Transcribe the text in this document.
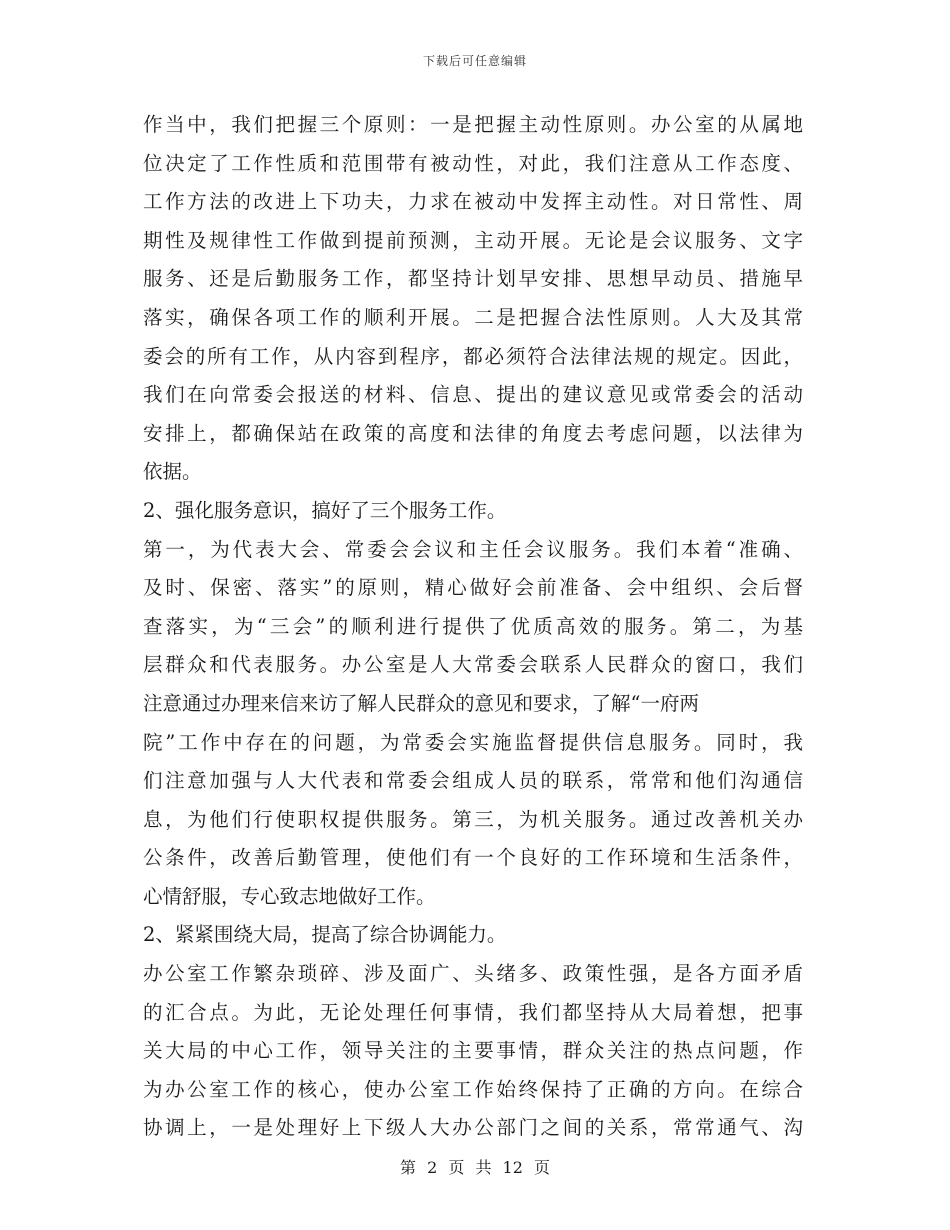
下载后可任意编辑
作当中，我们把握三个原则：一是把握主动性原则。办公室的从属地
位决定了工作性质和范围带有被动性，对此，我们注意从工作态度、
工作方法的改进上下功夫，力求在被动中发挥主动性。对日常性、周
期性及规律性工作做到提前预测，主动开展。无论是会议服务、文字
服务、还是后勤服务工作，都坚持计划早安排、思想早动员、措施早
落实，确保各项工作的顺利开展。二是把握合法性原则。人大及其常
委会的所有工作，从内容到程序，都必须符合法律法规的规定。因此，
我们在向常委会报送的材料、信息、提出的建议意见或常委会的活动
安排上，都确保站在政策的高度和法律的角度去考虑问题，以法律为
依据。
2、强化服务意识，搞好了三个服务工作。
第一，为代表大会、常委会会议和主任会议服务。我们本着“准确、
及时、保密、落实”的原则，精心做好会前准备、会中组织、会后督
查落实，为“三会”的顺利进行提供了优质高效的服务。第二，为基
层群众和代表服务。办公室是人大常委会联系人民群众的窗口，我们
注意通过办理来信来访了解人民群众的意见和要求，了解“一府两
院”工作中存在的问题，为常委会实施监督提供信息服务。同时，我
们注意加强与人大代表和常委会组成人员的联系，常常和他们沟通信
息，为他们行使职权提供服务。第三，为机关服务。通过改善机关办
公条件，改善后勤管理，使他们有一个良好的工作环境和生活条件，
心情舒服，专心致志地做好工作。
2、紧紧围绕大局，提高了综合协调能力。
办公室工作繁杂琐碎、涉及面广、头绪多、政策性强，是各方面矛盾
的汇合点。为此，无论处理任何事情，我们都坚持从大局着想，把事
关大局的中心工作，领导关注的主要事情，群众关注的热点问题，作
为办公室工作的核心，使办公室工作始终保持了正确的方向。在综合
协调上，一是处理好上下级人大办公部门之间的关系，常常通气、沟
第 2 页 共 12 页
